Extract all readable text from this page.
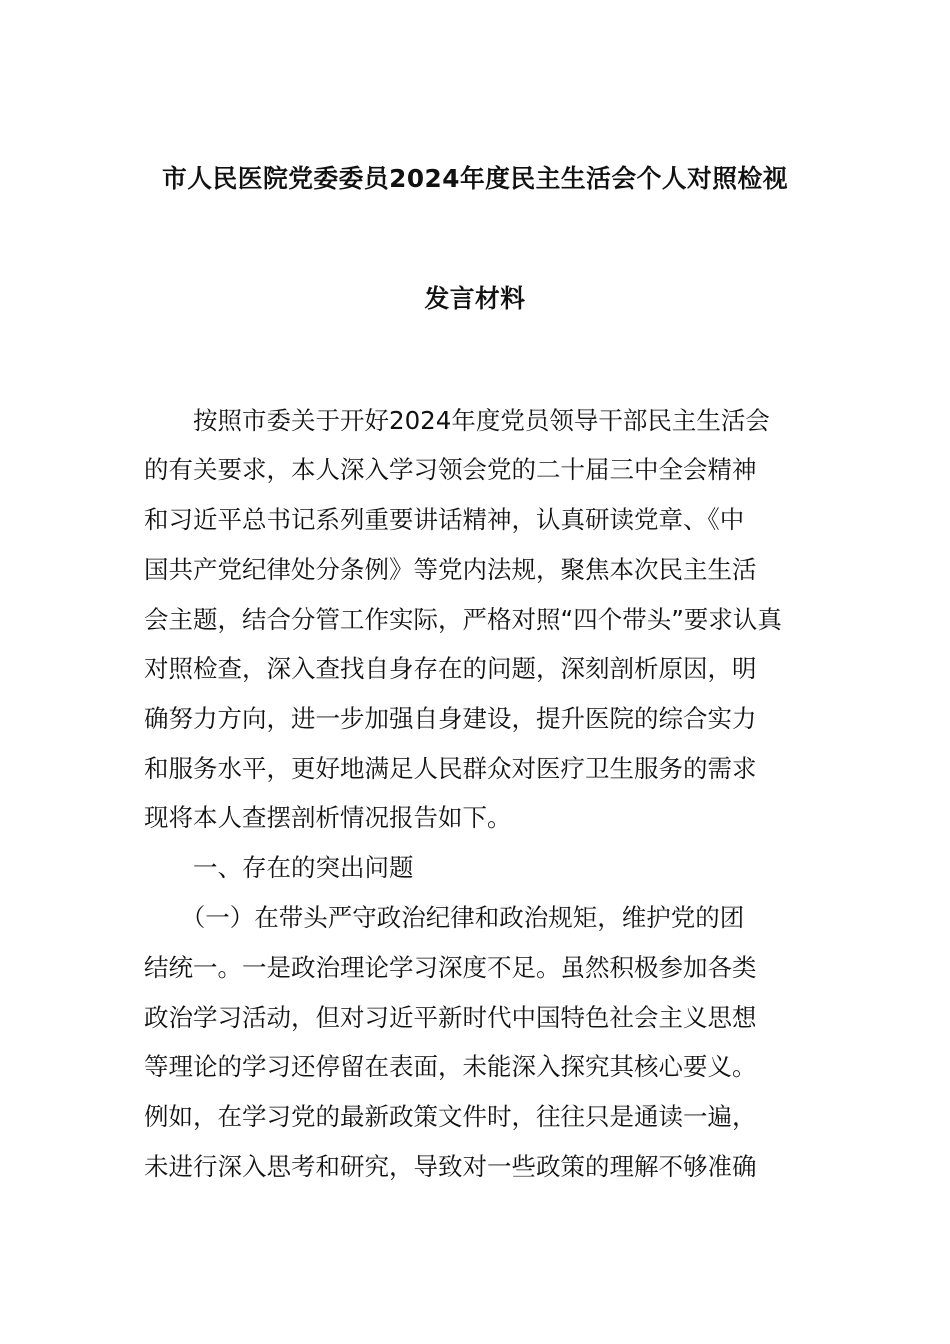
市人民医院党委委员2024年度民主生活会个人对照检视
发言材料
　　按照市委关于开好2024年度党员领导干部民主生活会
的有关要求，本人深入学习领会党的二十届三中全会精神
和习近平总书记系列重要讲话精神，认真研读党章、《中
国共产党纪律处分条例》等党内法规，聚焦本次民主生活
会主题，结合分管工作实际，严格对照“四个带头”要求认真
对照检查，深入查找自身存在的问题，深刻剖析原因，明
确努力方向，进一步加强自身建设，提升医院的综合实力
和服务水平，更好地满足人民群众对医疗卫生服务的需求
现将本人查摆剖析情况报告如下。
　　一、存在的突出问题
　　（一）在带头严守政治纪律和政治规矩，维护党的团
结统一。一是政治理论学习深度不足。虽然积极参加各类
政治学习活动，但对习近平新时代中国特色社会主义思想
等理论的学习还停留在表面，未能深入探究其核心要义。
例如，在学习党的最新政策文件时，往往只是通读一遍，
未进行深入思考和研究，导致对一些政策的理解不够准确
